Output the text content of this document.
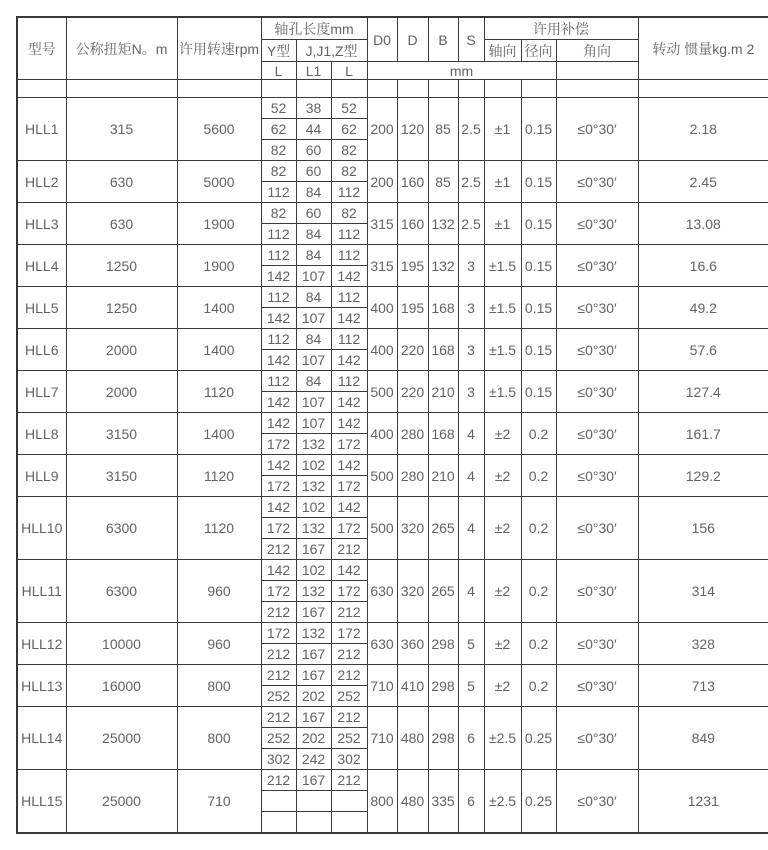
型号	公称扭矩N。m	许用转速rpm	轴孔长度mm			D0	D	B	S	许用补偿			转动 惯量kg.m 2
			Y型	J,J1,Z型						轴向	径向	角向	
			L	L1	L	mm							

HLL1	315	5600	52	38	52	200	120	85	2.5	±1	0.15	≤0°30′	2.18
			62	44	62								
			82	60	82								
HLL2	630	5000	82	60	82	200	160	85	2.5	±1	0.15	≤0°30′	2.45
			112	84	112								
HLL3	630	1900	82	60	82	315	160	132	2.5	±1	0.15	≤0°30′	13.08
			112	84	112								
HLL4	1250	1900	112	84	112	315	195	132	3	±1.5	0.15	≤0°30′	16.6
			142	107	142								
HLL5	1250	1400	112	84	112	400	195	168	3	±1.5	0.15	≤0°30′	49.2
			142	107	142								
HLL6	2000	1400	112	84	112	400	220	168	3	±1.5	0.15	≤0°30′	57.6
			142	107	142								
HLL7	2000	1120	112	84	112	500	220	210	3	±1.5	0.15	≤0°30′	127.4
			142	107	142								
HLL8	3150	1400	142	107	142	400	280	168	4	±2	0.2	≤0°30′	161.7
			172	132	172								
HLL9	3150	1120	142	102	142	500	280	210	4	±2	0.2	≤0°30′	129.2
			172	132	172								
HLL10	6300	1120	142	102	142	500	320	265	4	±2	0.2	≤0°30′	156
			172	132	172								
			212	167	212								
HLL11	6300	960	142	102	142	630	320	265	4	±2	0.2	≤0°30′	314
			172	132	172								
			212	167	212								
HLL12	10000	960	172	132	172	630	360	298	5	±2	0.2	≤0°30′	328
			212	167	212								
HLL13	16000	800	212	167	212	710	410	298	5	±2	0.2	≤0°30′	713
			252	202	252								
HLL14	25000	800	212	167	212	710	480	298	6	±2.5	0.25	≤0°30′	849
			252	202	252								
			302	242	302								
HLL15	25000	710	212	167	212	800	480	335	6	±2.5	0.25	≤0°30′	1231
